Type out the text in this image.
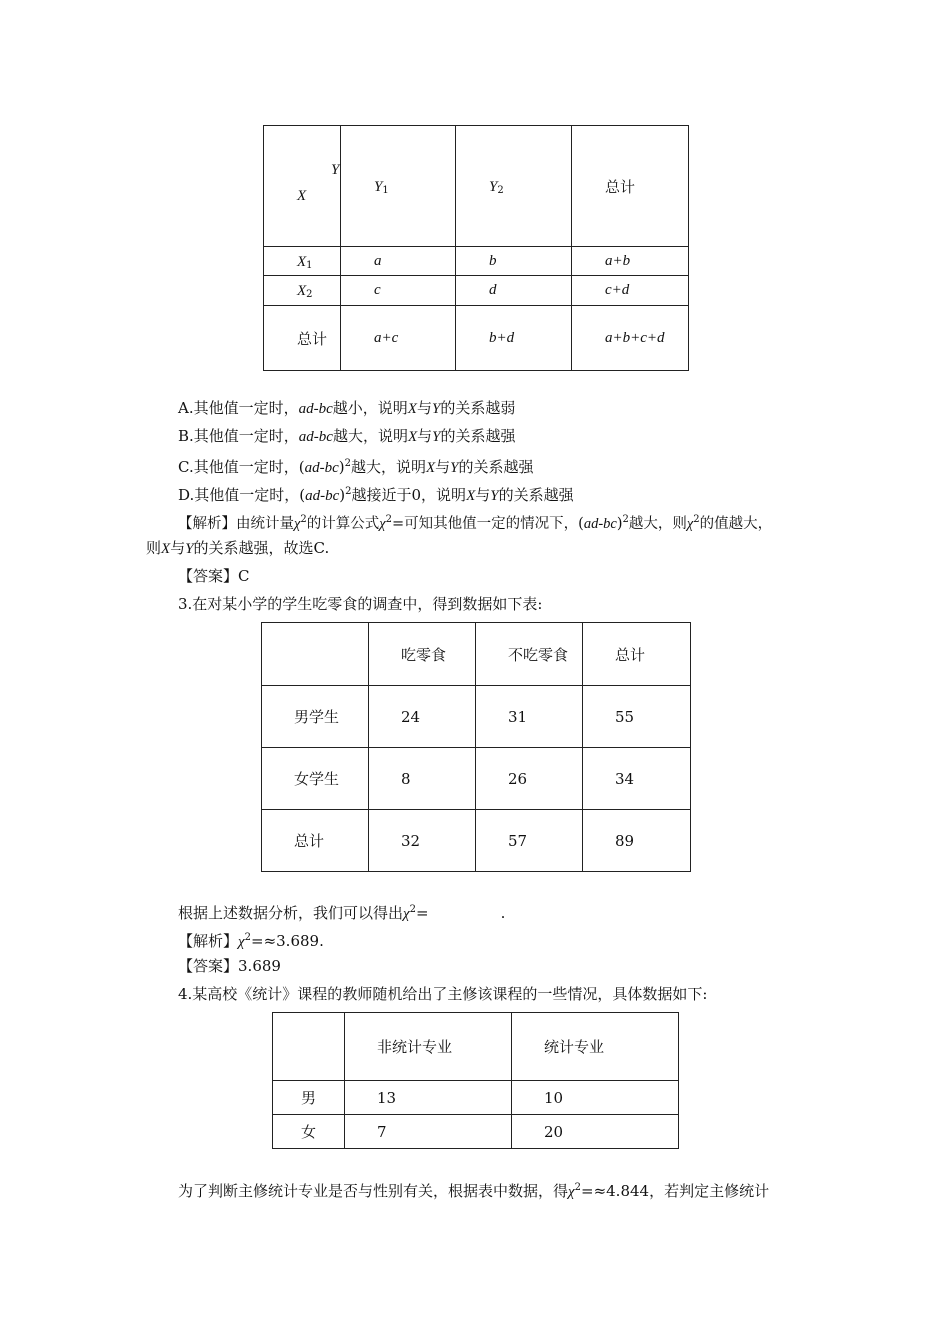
Y
X	$Y_1$	$Y_2$	总计
$X_1$	a	b	a+b
$X_2$	c	d	c+d
总计	a+c	b+d	a+b+c+d
A.其他值一定时，ad-bc越小，说明X与Y的关系越弱
B.其他值一定时，ad-bc越大，说明X与Y的关系越强
C.其他值一定时，$(ad-bc)^2$越大，说明X与Y的关系越强
D.其他值一定时，$(ad-bc)^2$越接近于0，说明X与Y的关系越强
【解析】由统计量$\chi^2$的计算公式$\chi^2=$可知其他值一定的情况下，$(ad-bc)^2$越大，则$\chi^2$的值越大，
则X与Y的关系越强，故选C.
【答案】C
3.在对某小学的学生吃零食的调查中，得到数据如下表:
	吃零食	不吃零食	总计
男学生	24	31	55
女学生	8	26	34
总计	32	57	89
根据上述数据分析，我们可以得出$\chi^2=$	.
【解析】$\chi^2=\approx 3.689$.
【答案】3.689
4.某高校《统计》课程的教师随机给出了主修该课程的一些情况，具体数据如下:
	非统计专业	统计专业
男	13	10
女	7	20
为了判断主修统计专业是否与性别有关，根据表中数据，得$\chi^2=\approx 4.844$，若判定主修统计
